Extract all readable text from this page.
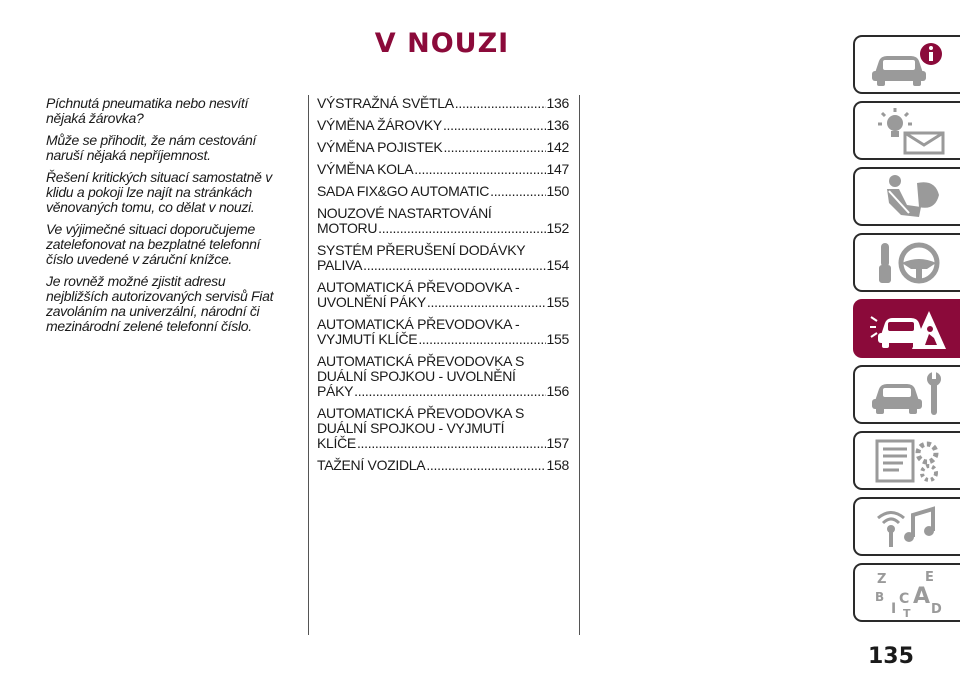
V NOUZI

Píchnutá pneumatika nebo nesvítí nějaká žárovka?

Může se přihodit, že nám cestování naruší nějaká nepříjemnost.

Řešení kritických situací samostatně v klidu a pokoji lze najít na stránkách věnovaných tomu, co dělat v nouzi.

Ve výjimečné situaci doporučujeme zatelefonovat na bezplatné telefonní číslo uvedené v záruční knížce.

Je rovněž možné zjistit adresu nejbližších autorizovaných servisů Fiat zavoláním na univerzální, národní či mezinárodní zelené telefonní číslo.

VÝSTRAŽNÁ SVĚTLA .....	136
VÝMĚNA ŽÁROVKY .....	136
VÝMĚNA POJISTEK .....	142
VÝMĚNA KOLA .....	147
SADA FIX&GO AUTOMATIC .....	150
NOUZOVÉ NASTARTOVÁNÍ
MOTORU .....	152
SYSTÉM PŘERUŠENÍ DODÁVKY
PALIVA .....	154
AUTOMATICKÁ PŘEVODOVKA -
UVOLNĚNÍ PÁKY .....	155
AUTOMATICKÁ PŘEVODOVKA -
VYJMUTÍ KLÍČE .....	155
AUTOMATICKÁ PŘEVODOVKA S
DUÁLNÍ SPOJKOU - UVOLNĚNÍ
PÁKY .....	156
AUTOMATICKÁ PŘEVODOVKA S
DUÁLNÍ SPOJKOU - VYJMUTÍ
KLÍČE .....	157
TAŽENÍ VOZIDLA .....	158
Z	E
B A
I
C
T D
135
